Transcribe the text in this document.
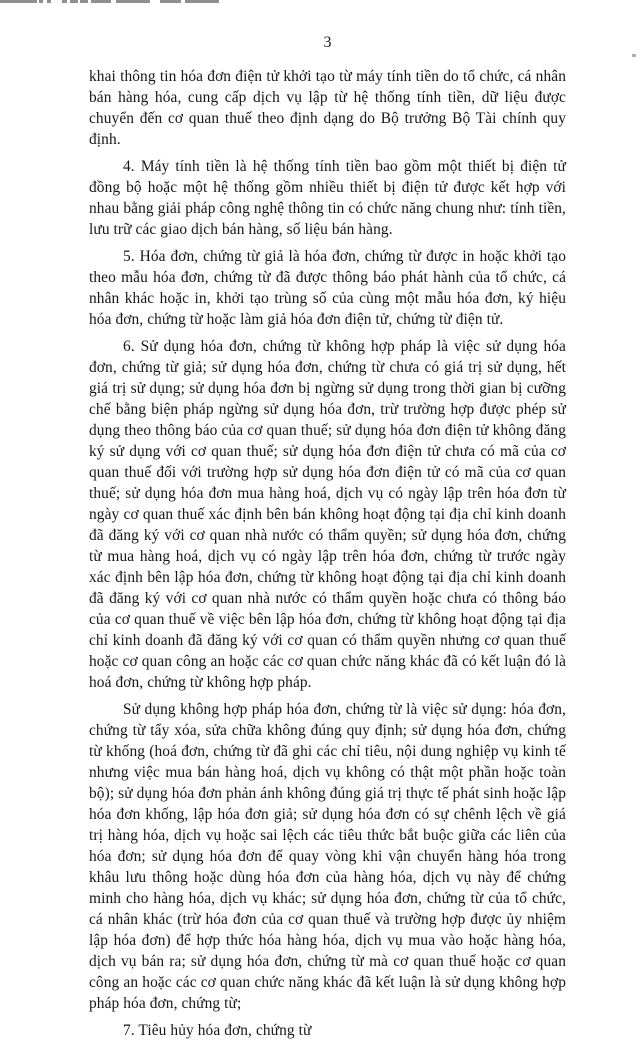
3

khai thông tin hóa đơn điện tử khởi tạo từ máy tính tiền do tổ chức, cá nhân bán hàng hóa, cung cấp dịch vụ lập từ hệ thống tính tiền, dữ liệu được chuyển đến cơ quan thuế theo định dạng do Bộ trưởng Bộ Tài chính quy định.

4. Máy tính tiền là hệ thống tính tiền bao gồm một thiết bị điện tử đồng bộ hoặc một hệ thống gồm nhiều thiết bị điện tử được kết hợp với nhau bằng giải pháp công nghệ thông tin có chức năng chung như: tính tiền, lưu trữ các giao dịch bán hàng, số liệu bán hàng.

5. Hóa đơn, chứng từ giả là hóa đơn, chứng từ được in hoặc khởi tạo theo mẫu hóa đơn, chứng từ đã được thông báo phát hành của tổ chức, cá nhân khác hoặc in, khởi tạo trùng số của cùng một mẫu hóa đơn, ký hiệu hóa đơn, chứng từ hoặc làm giả hóa đơn điện tử, chứng từ điện tử.

6. Sử dụng hóa đơn, chứng từ không hợp pháp là việc sử dụng hóa đơn, chứng từ giả; sử dụng hóa đơn, chứng từ chưa có giá trị sử dụng, hết giá trị sử dụng; sử dụng hóa đơn bị ngừng sử dụng trong thời gian bị cưỡng chế bằng biện pháp ngừng sử dụng hóa đơn, trừ trường hợp được phép sử dụng theo thông báo của cơ quan thuế; sử dụng hóa đơn điện tử không đăng ký sử dụng với cơ quan thuế; sử dụng hóa đơn điện tử chưa có mã của cơ quan thuế đối với trường hợp sử dụng hóa đơn điện tử có mã của cơ quan thuế; sử dụng hóa đơn mua hàng hoá, dịch vụ có ngày lập trên hóa đơn từ ngày cơ quan thuế xác định bên bán không hoạt động tại địa chỉ kinh doanh đã đăng ký với cơ quan nhà nước có thẩm quyền; sử dụng hóa đơn, chứng từ mua hàng hoá, dịch vụ có ngày lập trên hóa đơn, chứng từ trước ngày xác định bên lập hóa đơn, chứng từ không hoạt động tại địa chỉ kinh doanh đã đăng ký với cơ quan nhà nước có thẩm quyền hoặc chưa có thông báo của cơ quan thuế về việc bên lập hóa đơn, chứng từ không hoạt động tại địa chỉ kinh doanh đã đăng ký với cơ quan có thẩm quyền nhưng cơ quan thuế hoặc cơ quan công an hoặc các cơ quan chức năng khác đã có kết luận đó là hoá đơn, chứng từ không hợp pháp.

Sử dụng không hợp pháp hóa đơn, chứng từ là việc sử dụng: hóa đơn, chứng từ tẩy xóa, sửa chữa không đúng quy định; sử dụng hóa đơn, chứng từ khống (hoá đơn, chứng từ đã ghi các chỉ tiêu, nội dung nghiệp vụ kinh tế nhưng việc mua bán hàng hoá, dịch vụ không có thật một phần hoặc toàn bộ); sử dụng hóa đơn phản ánh không đúng giá trị thực tế phát sinh hoặc lập hóa đơn khống, lập hóa đơn giả; sử dụng hóa đơn có sự chênh lệch về giá trị hàng hóa, dịch vụ hoặc sai lệch các tiêu thức bắt buộc giữa các liên của hóa đơn; sử dụng hóa đơn để quay vòng khi vận chuyển hàng hóa trong khâu lưu thông hoặc dùng hóa đơn của hàng hóa, dịch vụ này để chứng minh cho hàng hóa, dịch vụ khác; sử dụng hóa đơn, chứng từ của tổ chức, cá nhân khác (trừ hóa đơn của cơ quan thuế và trường hợp được ủy nhiệm lập hóa đơn) để hợp thức hóa hàng hóa, dịch vụ mua vào hoặc hàng hóa, dịch vụ bán ra; sử dụng hóa đơn, chứng từ mà cơ quan thuế hoặc cơ quan công an hoặc các cơ quan chức năng khác đã kết luận là sử dụng không hợp pháp hóa đơn, chứng từ;

7. Tiêu hủy hóa đơn, chứng từ
